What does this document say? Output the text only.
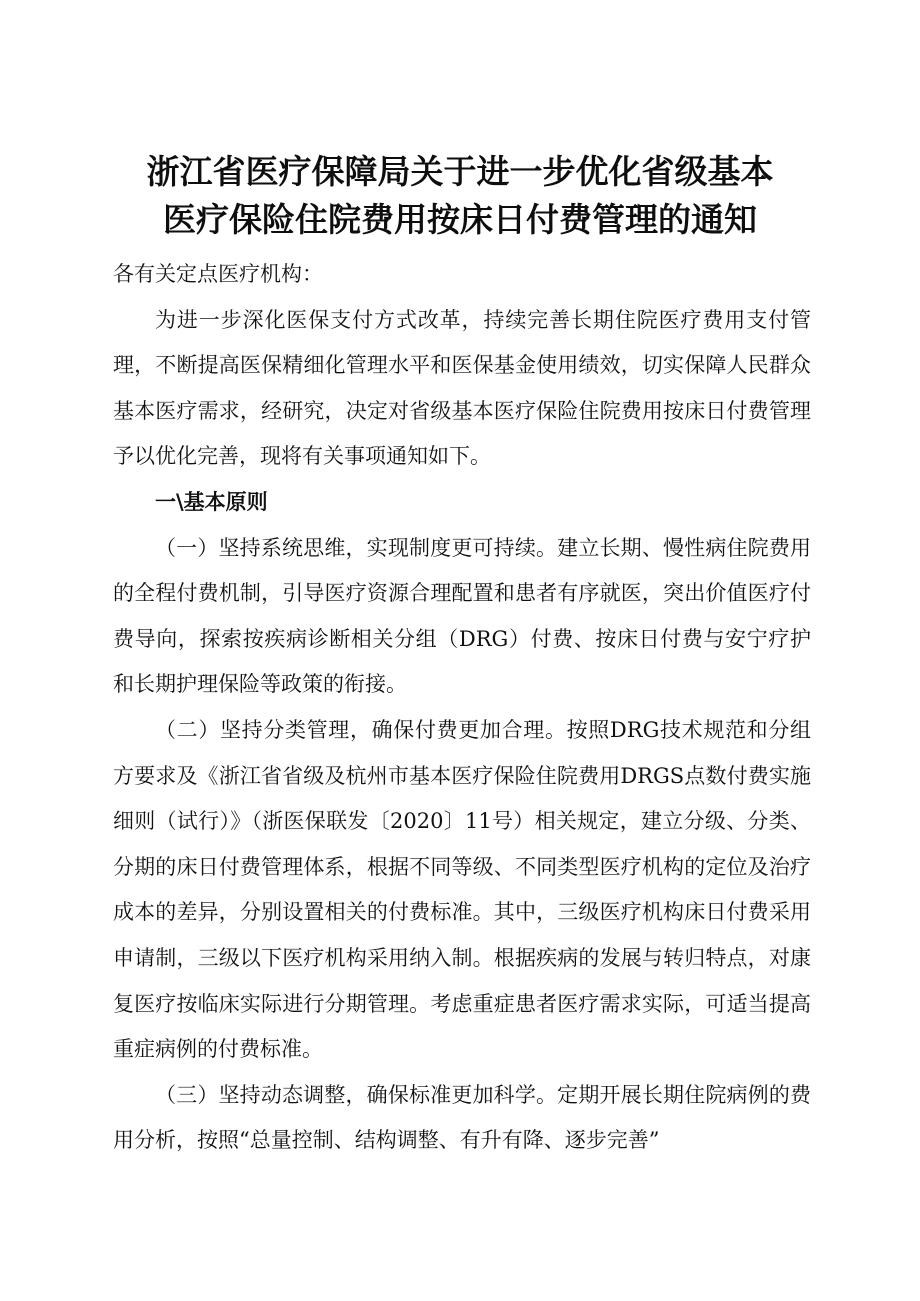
浙江省医疗保障局关于进一步优化省级基本
医疗保险住院费用按床日付费管理的通知

各有关定点医疗机构：

为进一步深化医保支付方式改革，持续完善长期住院医疗费用支付管理，不断提高医保精细化管理水平和医保基金使用绩效，切实保障人民群众基本医疗需求，经研究，决定对省级基本医疗保险住院费用按床日付费管理予以优化完善，现将有关事项通知如下。

一\基本原则

（一）坚持系统思维，实现制度更可持续。建立长期、慢性病住院费用的全程付费机制，引导医疗资源合理配置和患者有序就医，突出价值医疗付费导向，探索按疾病诊断相关分组（DRG）付费、按床日付费与安宁疗护和长期护理保险等政策的衔接。

（二）坚持分类管理，确保付费更加合理。按照DRG技术规范和分组方要求及《浙江省省级及杭州市基本医疗保险住院费用DRGS点数付费实施细则（试行）》（浙医保联发〔2020〕11号）相关规定，建立分级、分类、分期的床日付费管理体系，根据不同等级、不同类型医疗机构的定位及治疗成本的差异，分别设置相关的付费标准。其中，三级医疗机构床日付费采用申请制，三级以下医疗机构采用纳入制。根据疾病的发展与转归特点，对康复医疗按临床实际进行分期管理。考虑重症患者医疗需求实际，可适当提高重症病例的付费标准。

（三）坚持动态调整，确保标准更加科学。定期开展长期住院病例的费用分析，按照“总量控制、结构调整、有升有降、逐步完善”
